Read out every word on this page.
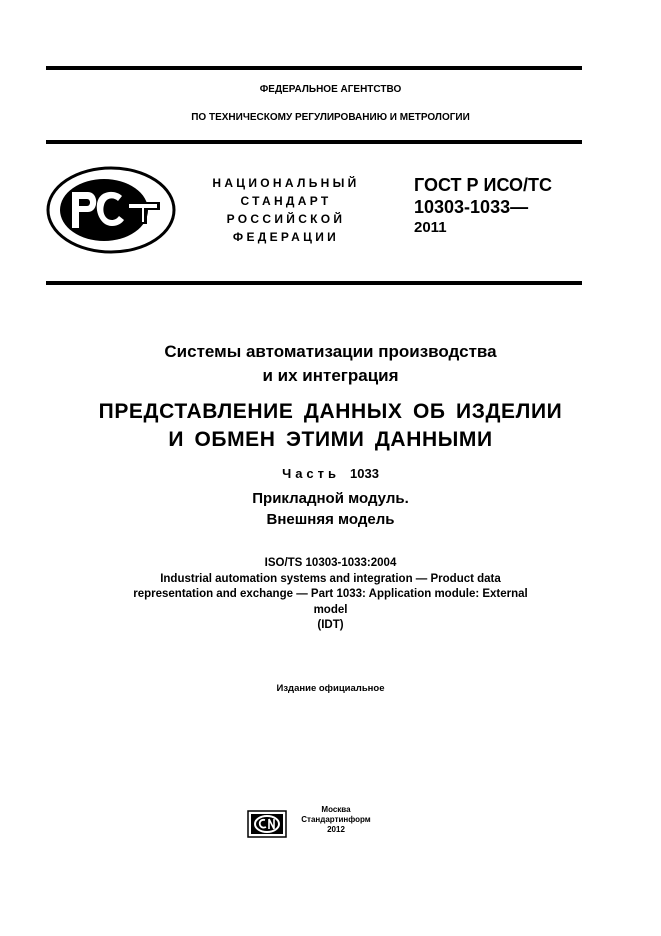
ФЕДЕРАЛЬНОЕ АГЕНТСТВО
ПО ТЕХНИЧЕСКОМУ РЕГУЛИРОВАНИЮ И МЕТРОЛОГИИ
НАЦИОНАЛЬНЫЙ
СТАНДАРТ
РОССИЙСКОЙ
ФЕДЕРАЦИИ
ГОСТ Р ИСО/ТС
10303-1033—
2011
Системы автоматизации производства
и их интеграция
ПРЕДСТАВЛЕНИЕ ДАННЫХ ОБ ИЗДЕЛИИ
И ОБМЕН ЭТИМИ ДАННЫМИ
Часть 1033
Прикладной модуль.
Внешняя модель
ISO/TS 10303-1033:2004
Industrial automation systems and integration — Product data
representation and exchange — Part 1033: Application module: External
model
(IDT)
Издание официальное
Москва
Стандартинформ
2012
